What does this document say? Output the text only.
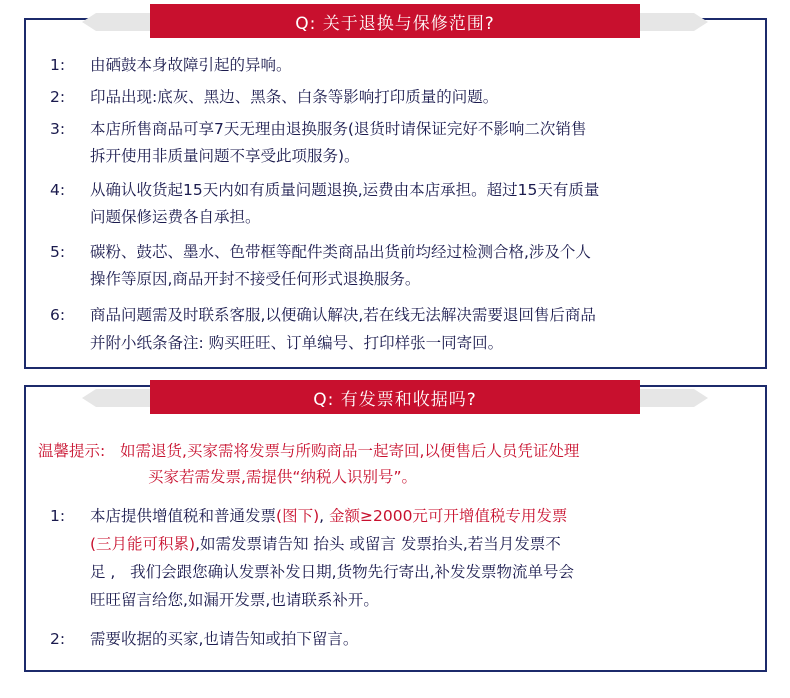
Q: 关于退换与保修范围?
1:	由硒鼓本身故障引起的异响。
2:	印品出现:底灰、黑边、黑条、白条等影响打印质量的问题。
3:	本店所售商品可享7天无理由退换服务(退货时请保证完好不影响二次销售
拆开使用非质量问题不享受此项服务)。
4:	从确认收货起15天内如有质量问题退换,运费由本店承担。超过15天有质量
问题保修运费各自承担。
5:	碳粉、鼓芯、墨水、色带框等配件类商品出货前均经过检测合格,涉及个人
操作等原因,商品开封不接受任何形式退换服务。
6:	商品问题需及时联系客服,以便确认解决,若在线无法解决需要退回售后商品
并附小纸条备注: 购买旺旺、订单编号、打印样张一同寄回。
Q: 有发票和收据吗?
温馨提示: 如需退货,买家需将发票与所购商品一起寄回,以便售后人员凭证处理
买家若需发票,需提供“纳税人识别号”。
1:	本店提供增值税和普通发票(图下), 金额≥2000元可开增值税专用发票
(三月能可积累),如需发票请告知 抬头 或留言 发票抬头,若当月发票不
足 ,   我们会跟您确认发票补发日期,货物先行寄出,补发发票物流单号会
旺旺留言给您,如漏开发票,也请联系补开。
2:	需要收据的买家,也请告知或拍下留言。
